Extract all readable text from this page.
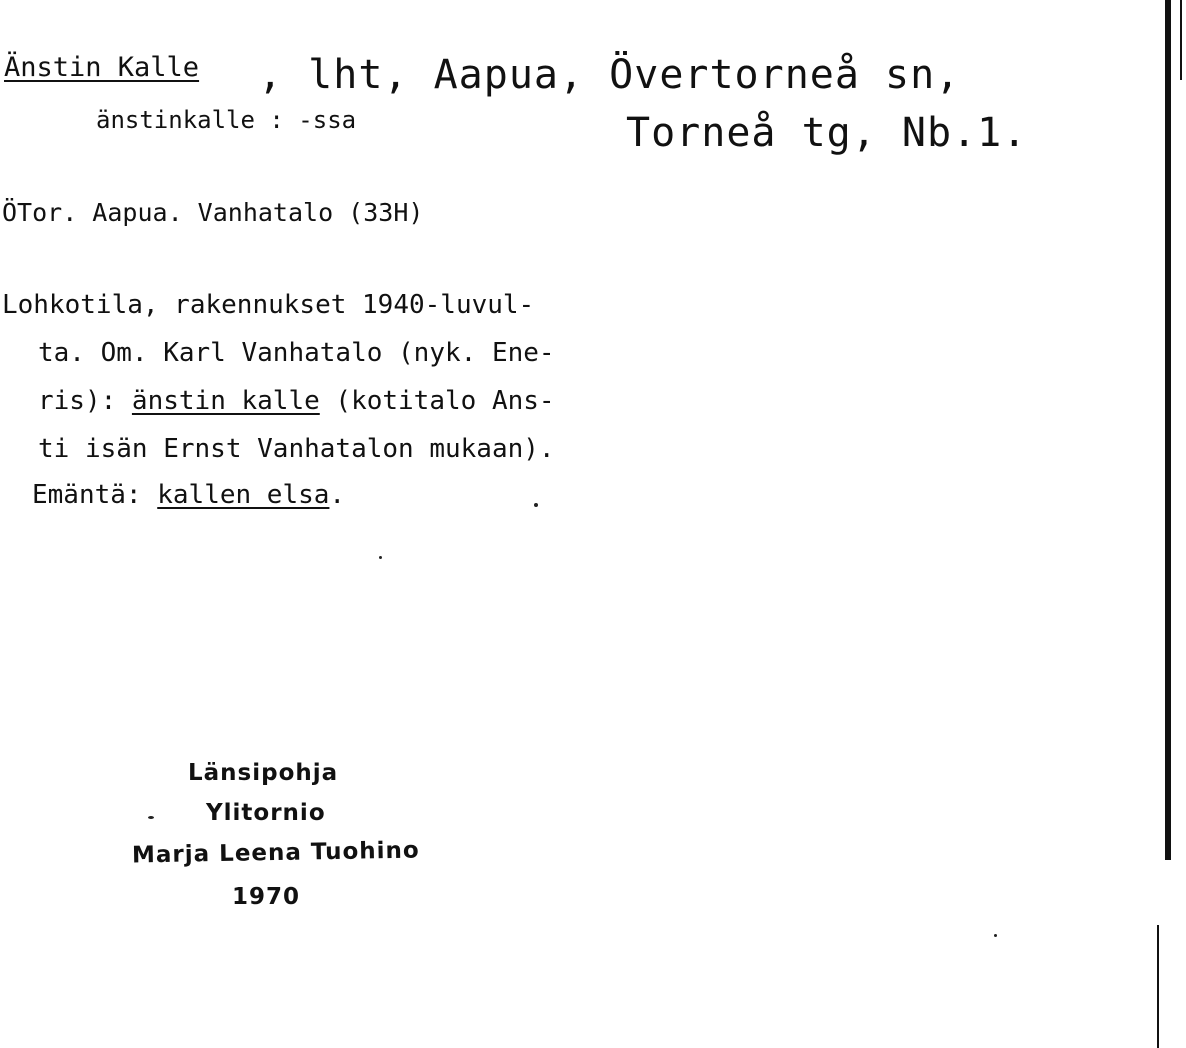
Änstin Kalle , lht, Aapua, Övertorneå sn,
änstinkalle : -ssa	Torneå tg, Nb.1.
ÖTor. Aapua. Vanhatalo (33H)
Lohkotila, rakennukset 1940-luvul-
ta. Om. Karl Vanhatalo (nyk. Ene-
ris): änstin kalle (kotitalo Ans-
ti isän Ernst Vanhatalon mukaan).
Emäntä: kallen elsa.
Länsipohja
Ylitornio
Marja Leena Tuohino
1970
